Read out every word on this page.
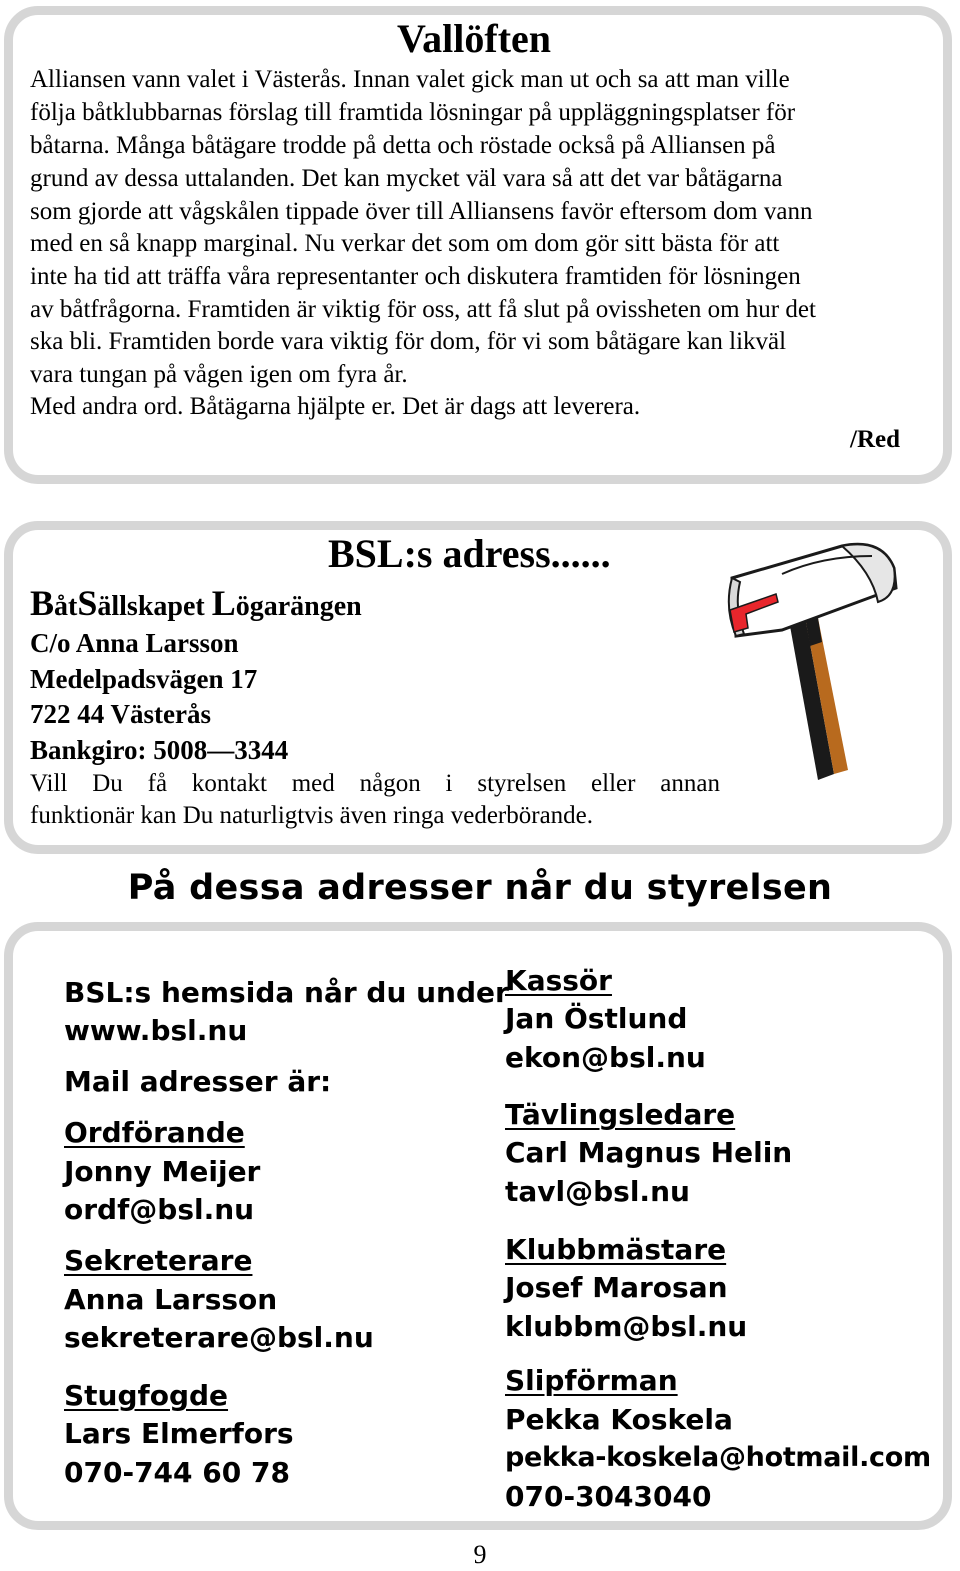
Vallöften

Alliansen vann valet i Västerås. Innan valet gick man ut och sa att man ville

följa båtklubbarnas förslag till framtida lösningar på uppläggningsplatser för

båtarna. Många båtägare trodde på detta och röstade också på Alliansen på

grund av dessa uttalanden. Det kan mycket väl vara så att det var båtägarna

som gjorde att vågskålen tippade över till Alliansens favör eftersom dom vann

med en så knapp marginal. Nu verkar det som om dom gör sitt bästa för att

inte ha tid att träffa våra representanter och diskutera framtiden för lösningen

av båtfrågorna. Framtiden är viktig för oss, att få slut på ovissheten om hur det

ska bli. Framtiden borde vara viktig för dom, för vi som båtägare kan likväl

vara tungan på vågen igen om fyra år.

Med andra ord. Båtägarna hjälpte er. Det är dags att leverera.

/Red

BSL:s adress......

BåtSällskapet Lögarängen

C/o Anna Larsson

Medelpadsvägen 17

722 44 Västerås

Bankgiro: 5008—3344

Vill Du få kontakt med någon i styrelsen eller annan

funktionär kan Du naturligtvis även ringa vederbörande.

På dessa adresser når du styrelsen

BSL:s hemsida når du under

www.bsl.nu

Mail adresser är:

Ordförande

Jonny Meijer

ordf@bsl.nu

Sekreterare

Anna Larsson

sekreterare@bsl.nu

Stugfogde

Lars Elmerfors

070-744 60 78

Kassör

Jan Östlund

ekon@bsl.nu

Tävlingsledare

Carl Magnus Helin

tavl@bsl.nu

Klubbmästare

Josef Marosan

klubbm@bsl.nu

Slipförman

Pekka Koskela

pekka-koskela@hotmail.com

070-3043040

9
